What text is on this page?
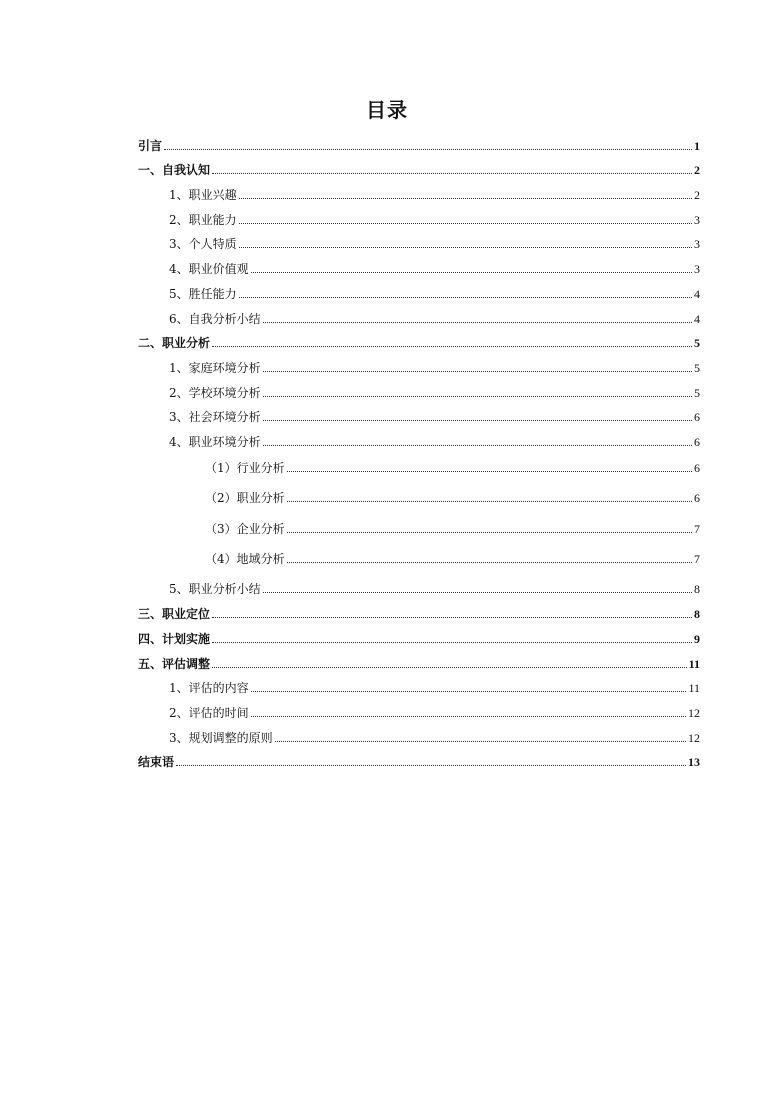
目录
引言	1
一、自我认知	2
1、职业兴趣	2
2、职业能力	3
3、个人特质	3
4、职业价值观	3
5、胜任能力	4
6、自我分析小结	4
二、职业分析	5
1、家庭环境分析	5
2、学校环境分析	5
3、社会环境分析	6
4、职业环境分析	6
（1）行业分析	6
（2）职业分析	6
（3）企业分析	7
（4）地域分析	7
5、职业分析小结	8
三、职业定位	8
四、计划实施	9
五、评估调整	11
1、评估的内容	11
2、评估的时间	12
3、规划调整的原则	12
结束语	13
